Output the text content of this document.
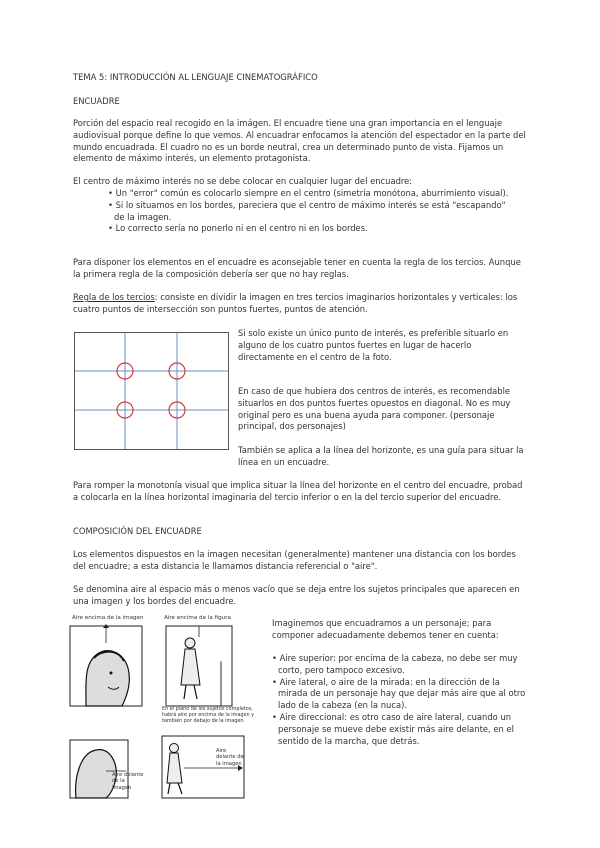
TEMA 5: INTRODUCCIÓN AL LENGUAJE CINEMATOGRÁFICO
ENCUADRE
Porción del espacio real recogido en la imágen. El encuadre tiene una gran importancia en el lenguaje audiovisual porque define lo que vemos. Al encuadrar enfocamos la atención del espectador en la parte del mundo encuadrada. El cuadro no es un borde neutral, crea un determinado punto de vista. Fijamos un elemento de máximo interés, un elemento protagonista.
El centro de máximo interés no se debe colocar en cualquier lugar del encuadre:
• Un "error" común es colocarlo siempre en el centro (simetría monótona, aburrimiento visual).
• Si lo situamos en los bordes, pareciera que el centro de máximo interés se está "escapando" de la imagen.
• Lo correcto sería no ponerlo ni en el centro ni en los bordes.
Para disponer los elementos en el encuadre es aconsejable tener en cuenta la regla de los tercios. Aunque la primera regla de la composición debería ser que no hay reglas.
Regla de los tercios: consiste en dividir la imagen en tres tercios imaginarios horizontales y verticales: los cuatro puntos de intersección son puntos fuertes, puntos de atención.
Si solo existe un único punto de interés, es preferible situarlo en alguno de los cuatro puntos fuertes en lugar de hacerlo directamente en el centro de la foto.
En caso de que hubiera dos centros de interés, es recomendable situarlos en dos puntos fuertes opuestos en diagonal. No es muy original pero es una buena ayuda para componer. (personaje principal, dos personajes)
También se aplica a la línea del horizonte, es una guía para situar la línea en un encuadre.
Para romper la monotonía visual que implica situar la línea del horizonte en el centro del encuadre, probad a colocarla en la línea horizontal imaginaria del tercio inferior o en la del tercio superior del encuadre.
COMPOSICIÓN DEL ENCUADRE
Los elementos dispuestos en la imagen necesitan (generalmente) mantener una distancia con los bordes del encuadre; a esta distancia le llamamos distancia referencial o "aire".
Se denomina aire al espacio más o menos vacío que se deja entre los sujetos principales que aparecen en una imagen y los bordes del encuadre.
Aire encima de la imagen	Aire encima de la figura
En el plano de los sujetos completos, habrá aire por encima de la imagen y también por debajo de la imagen.
Aire delante de la imagen
Aire delante de la imagen
Imaginemos que encuadramos a un personaje; para componer adecuadamente debemos tener en cuenta:
• Aire superior: por encima de la cabeza, no debe ser muy corto, pero tampoco excesivo.
• Aire lateral, o aire de la mirada: en la dirección de la mirada de un personaje hay que dejar más aire que al otro lado de la cabeza (en la nuca).
• Aire direccional: es otro caso de aire lateral, cuando un personaje se mueve debe existir más aire delante, en el sentido de la marcha, que detrás.
